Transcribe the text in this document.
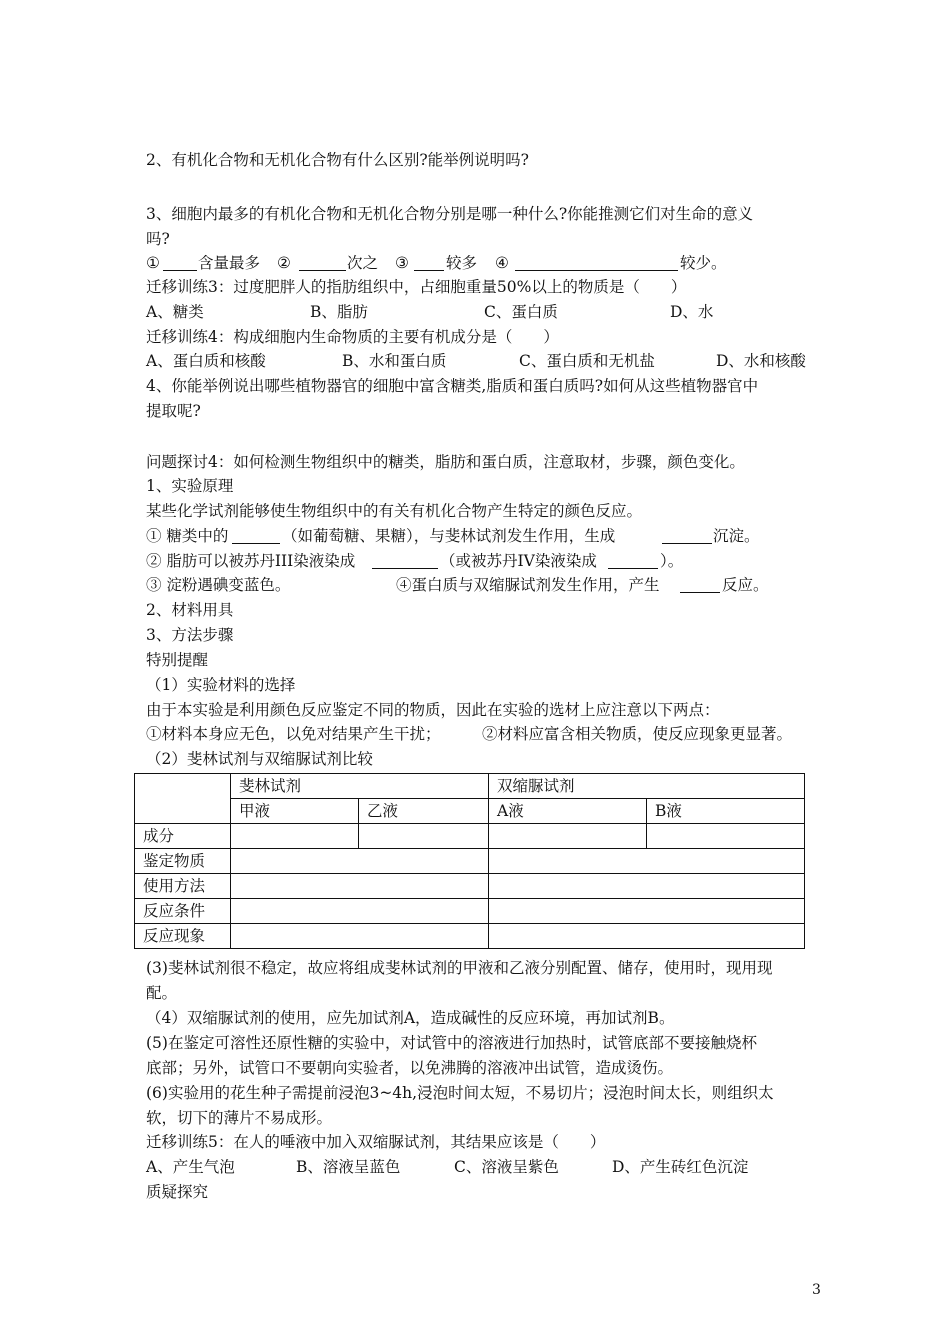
2、有机化合物和无机化合物有什么区别?能举例说明吗?
3、细胞内最多的有机化合物和无机化合物分别是哪一种什么?你能推测它们对生命的意义
吗?
① 含量最多 ②	次之 ③ 较多 ④	较少。
迁移训练3：过度肥胖人的指肪组织中，占细胞重量50%以上的物质是（　　）
A、糖类	B、脂肪	C、蛋白质	D、水
迁移训练4：构成细胞内生命物质的主要有机成分是（　　）
A、蛋白质和核酸	B、水和蛋白质	C、蛋白质和无机盐	D、水和核酸
4、你能举例说出哪些植物器官的细胞中富含糖类,脂质和蛋白质吗?如何从这些植物器官中
提取呢?
问题探讨4：如何检测生物组织中的糖类，脂肪和蛋白质，注意取材，步骤，颜色变化。
1、实验原理
某些化学试剂能够使生物组织中的有关有机化合物产生特定的颜色反应。
① 糖类中的	（如葡萄糖、果糖），与斐林试剂发生作用，生成	沉淀。
② 脂肪可以被苏丹III染液染成	（或被苏丹IV染液染成	）。
③ 淀粉遇碘变蓝色。	④蛋白质与双缩脲试剂发生作用，产生	反应。
2、材料用具
3、方法步骤
特别提醒
（1）实验材料的选择
由于本实验是利用颜色反应鉴定不同的物质，因此在实验的选材上应注意以下两点：
①材料本身应无色，以免对结果产生干扰；	②材料应富含相关物质，使反应现象更显著。
（2）斐林试剂与双缩脲试剂比较
	斐林试剂		双缩脲试剂	
	甲液	乙液	A液	B液
成分				
鉴定物质				
使用方法				
反应条件				
反应现象				
(3)斐林试剂很不稳定，故应将组成斐林试剂的甲液和乙液分别配置、储存，使用时，现用现
配。
（4）双缩脲试剂的使用，应先加试剂A，造成碱性的反应环境，再加试剂B。
(5)在鉴定可溶性还原性糖的实验中，对试管中的溶液进行加热时，试管底部不要接触烧杯
底部；另外，试管口不要朝向实验者，以免沸腾的溶液冲出试管，造成烫伤。
(6)实验用的花生种子需提前浸泡3~4h,浸泡时间太短，不易切片；浸泡时间太长，则组织太
软，切下的薄片不易成形。
迁移训练5：在人的唾液中加入双缩脲试剂，其结果应该是（　　）
A、产生气泡	B、溶液呈蓝色	C、溶液呈紫色	D、产生砖红色沉淀
质疑探究
3
